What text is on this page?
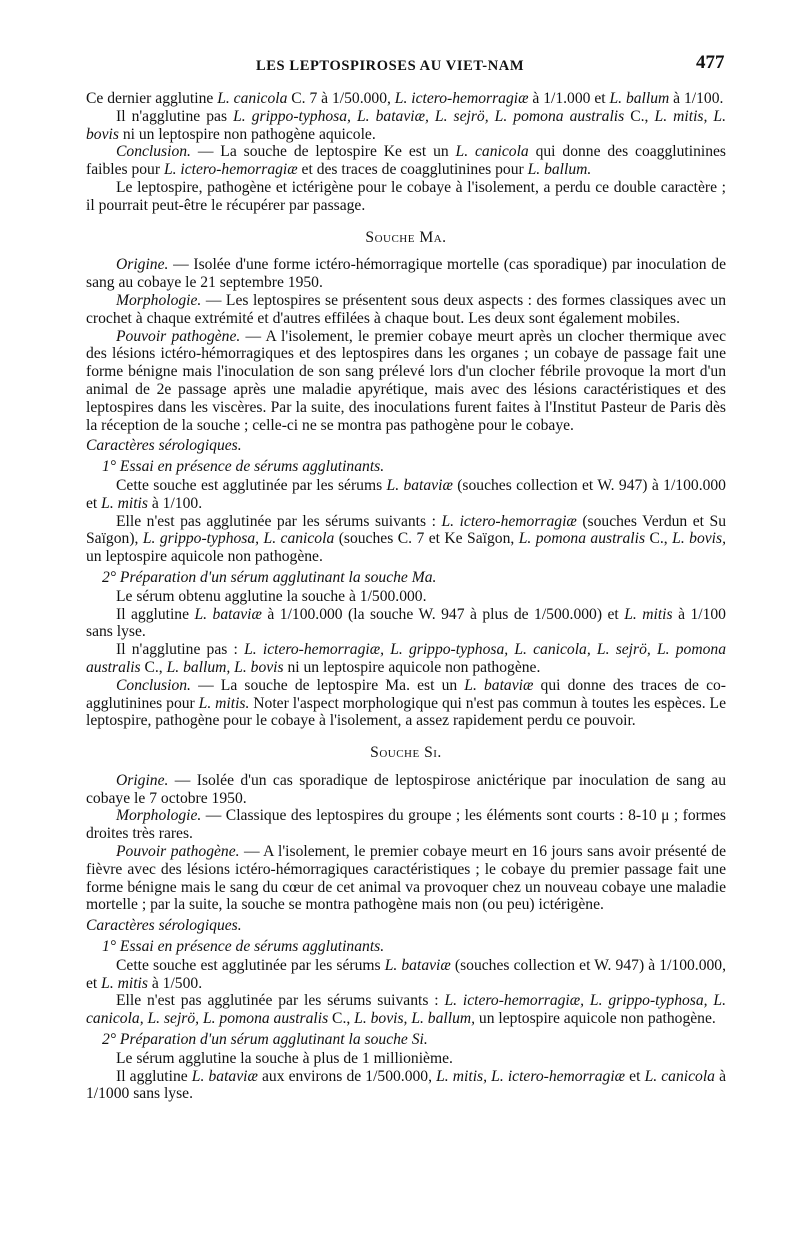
LES LEPTOSPIROSES AU VIET-NAM	477

Ce dernier agglutine L. canicola C. 7 à 1/50.000, L. ictero-hemorragiæ à 1/1.000 et L. ballum à 1/100.

Il n'agglutine pas L. grippo-typhosa, L. bataviæ, L. sejrö, L. pomona australis C., L. mitis, L. bovis ni un leptospire non pathogène aquicole.

Conclusion. — La souche de leptospire Ke est un L. canicola qui donne des coagglutinines faibles pour L. ictero-hemorragiæ et des traces de coagglutinines pour L. ballum.

Le leptospire, pathogène et ictérigène pour le cobaye à l'isolement, a perdu ce double caractère ; il pourrait peut-être le récupérer par passage.

Souche Ma.

Origine. — Isolée d'une forme ictéro-hémorragique mortelle (cas sporadique) par inoculation de sang au cobaye le 21 septembre 1950.

Morphologie. — Les leptospires se présentent sous deux aspects : des formes classiques avec un crochet à chaque extrémité et d'autres effilées à chaque bout. Les deux sont également mobiles.

Pouvoir pathogène. — A l'isolement, le premier cobaye meurt après un clocher thermique avec des lésions ictéro-hémorragiques et des leptospires dans les organes ; un cobaye de passage fait une forme bénigne mais l'inoculation de son sang prélevé lors d'un clocher fébrile provoque la mort d'un animal de 2e passage après une maladie apyrétique, mais avec des lésions caractéristiques et des leptospires dans les viscères. Par la suite, des inoculations furent faites à l'Institut Pasteur de Paris dès la réception de la souche ; celle-ci ne se montra pas pathogène pour le cobaye.

Caractères sérologiques.

1° Essai en présence de sérums agglutinants.

Cette souche est agglutinée par les sérums L. bataviæ (souches collection et W. 947) à 1/100.000 et L. mitis à 1/100.

Elle n'est pas agglutinée par les sérums suivants : L. ictero-hemorragiæ (souches Verdun et Su Saïgon), L. grippo-typhosa, L. canicola (souches C. 7 et Ke Saïgon, L. pomona australis C., L. bovis, un leptospire aquicole non pathogène.

2° Préparation d'un sérum agglutinant la souche Ma.

Le sérum obtenu agglutine la souche à 1/500.000.

Il agglutine L. bataviæ à 1/100.000 (la souche W. 947 à plus de 1/500.000) et L. mitis à 1/100 sans lyse.

Il n'agglutine pas : L. ictero-hemorragiæ, L. grippo-typhosa, L. canicola, L. sejrö, L. pomona australis C., L. ballum, L. bovis ni un leptospire aquicole non pathogène.

Conclusion. — La souche de leptospire Ma. est un L. bataviæ qui donne des traces de co-agglutinines pour L. mitis. Noter l'aspect morphologique qui n'est pas commun à toutes les espèces. Le leptospire, pathogène pour le cobaye à l'isolement, a assez rapidement perdu ce pouvoir.

Souche Si.

Origine. — Isolée d'un cas sporadique de leptospirose anictérique par inoculation de sang au cobaye le 7 octobre 1950.

Morphologie. — Classique des leptospires du groupe ; les éléments sont courts : 8-10 μ ; formes droites très rares.

Pouvoir pathogène. — A l'isolement, le premier cobaye meurt en 16 jours sans avoir présenté de fièvre avec des lésions ictéro-hémorragiques caractéristiques ; le cobaye du premier passage fait une forme bénigne mais le sang du cœur de cet animal va provoquer chez un nouveau cobaye une maladie mortelle ; par la suite, la souche se montra pathogène mais non (ou peu) ictérigène.

Caractères sérologiques.

1° Essai en présence de sérums agglutinants.

Cette souche est agglutinée par les sérums L. bataviæ (souches collection et W. 947) à 1/100.000, et L. mitis à 1/500.

Elle n'est pas agglutinée par les sérums suivants : L. ictero-hemorragiæ, L. grippo-typhosa, L. canicola, L. sejrö, L. pomona australis C., L. bovis, L. ballum, un leptospire aquicole non pathogène.

2° Préparation d'un sérum agglutinant la souche Si.

Le sérum agglutine la souche à plus de 1 millionième.

Il agglutine L. bataviæ aux environs de 1/500.000, L. mitis, L. ictero-hemorragiæ et L. canicola à 1/1000 sans lyse.
